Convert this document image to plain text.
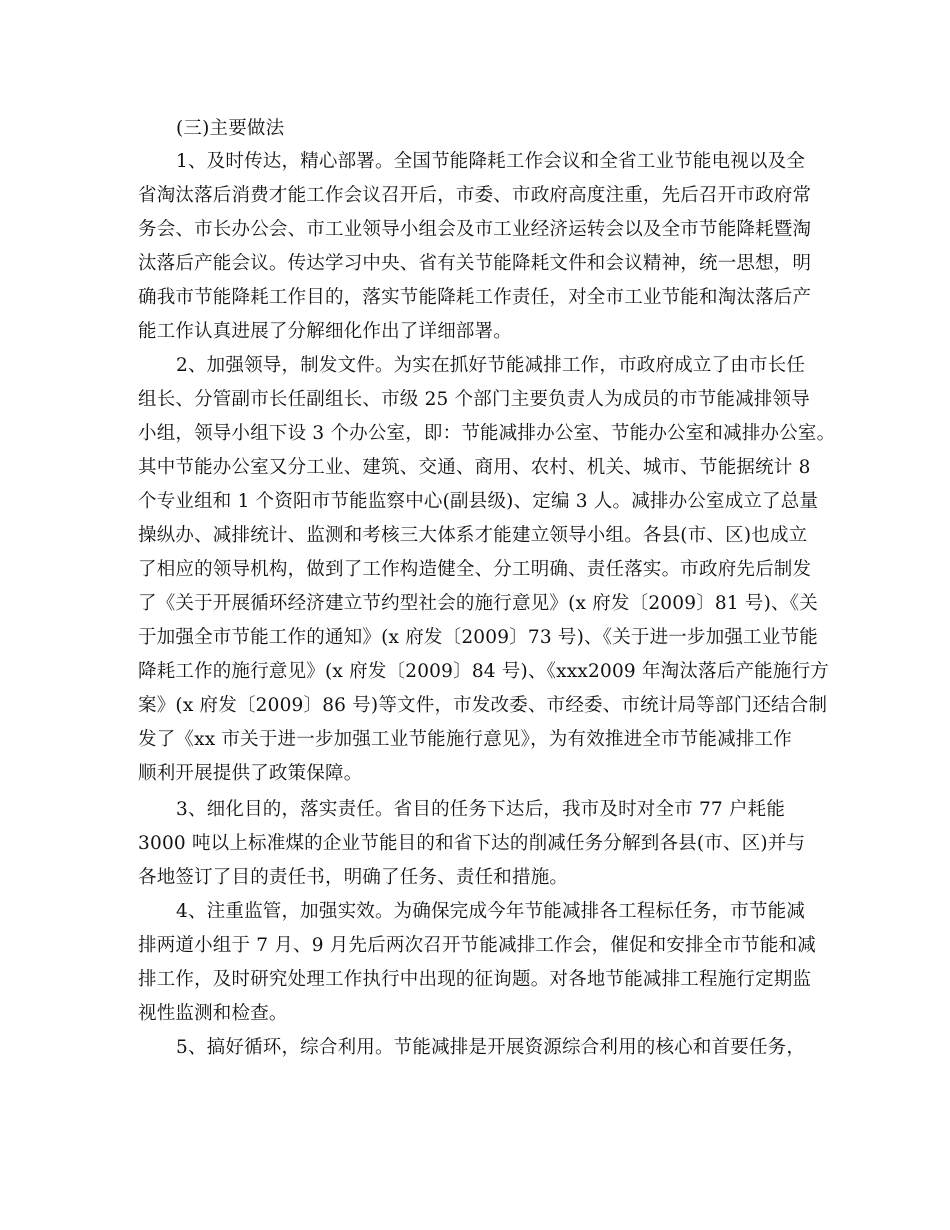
(三)主要做法
1、及时传达，精心部署。全国节能降耗工作会议和全省工业节能电视以及全
省淘汰落后消费才能工作会议召开后，市委、市政府高度注重，先后召开市政府常
务会、市长办公会、市工业领导小组会及市工业经济运转会以及全市节能降耗暨淘
汰落后产能会议。传达学习中央、省有关节能降耗文件和会议精神，统一思想，明
确我市节能降耗工作目的，落实节能降耗工作责任，对全市工业节能和淘汰落后产
能工作认真进展了分解细化作出了详细部署。
2、加强领导，制发文件。为实在抓好节能减排工作，市政府成立了由市长任
组长、分管副市长任副组长、市级 25 个部门主要负责人为成员的市节能减排领导
小组，领导小组下设 3 个办公室，即：节能减排办公室、节能办公室和减排办公室。
其中节能办公室又分工业、建筑、交通、商用、农村、机关、城市、节能据统计 8
个专业组和 1 个资阳市节能监察中心(副县级)、定编 3 人。减排办公室成立了总量
操纵办、减排统计、监测和考核三大体系才能建立领导小组。各县(市、区)也成立
了相应的领导机构，做到了工作构造健全、分工明确、责任落实。市政府先后制发
了《关于开展循环经济建立节约型社会的施行意见》(x 府发〔2009〕81 号)、《关
于加强全市节能工作的通知》(x 府发〔2009〕73 号)、《关于进一步加强工业节能
降耗工作的施行意见》(x 府发〔2009〕84 号)、《xxx2009 年淘汰落后产能施行方
案》(x 府发〔2009〕86 号)等文件，市发改委、市经委、市统计局等部门还结合制
发了《xx 市关于进一步加强工业节能施行意见》，为有效推进全市节能减排工作
顺利开展提供了政策保障。
3、细化目的，落实责任。省目的任务下达后，我市及时对全市 77 户耗能
3000 吨以上标准煤的企业节能目的和省下达的削减任务分解到各县(市、区)并与
各地签订了目的责任书，明确了任务、责任和措施。
4、注重监管，加强实效。为确保完成今年节能减排各工程标任务，市节能减
排两道小组于 7 月、9 月先后两次召开节能减排工作会，催促和安排全市节能和减
排工作，及时研究处理工作执行中出现的征询题。对各地节能减排工程施行定期监
视性监测和检查。
5、搞好循环，综合利用。节能减排是开展资源综合利用的核心和首要任务，
